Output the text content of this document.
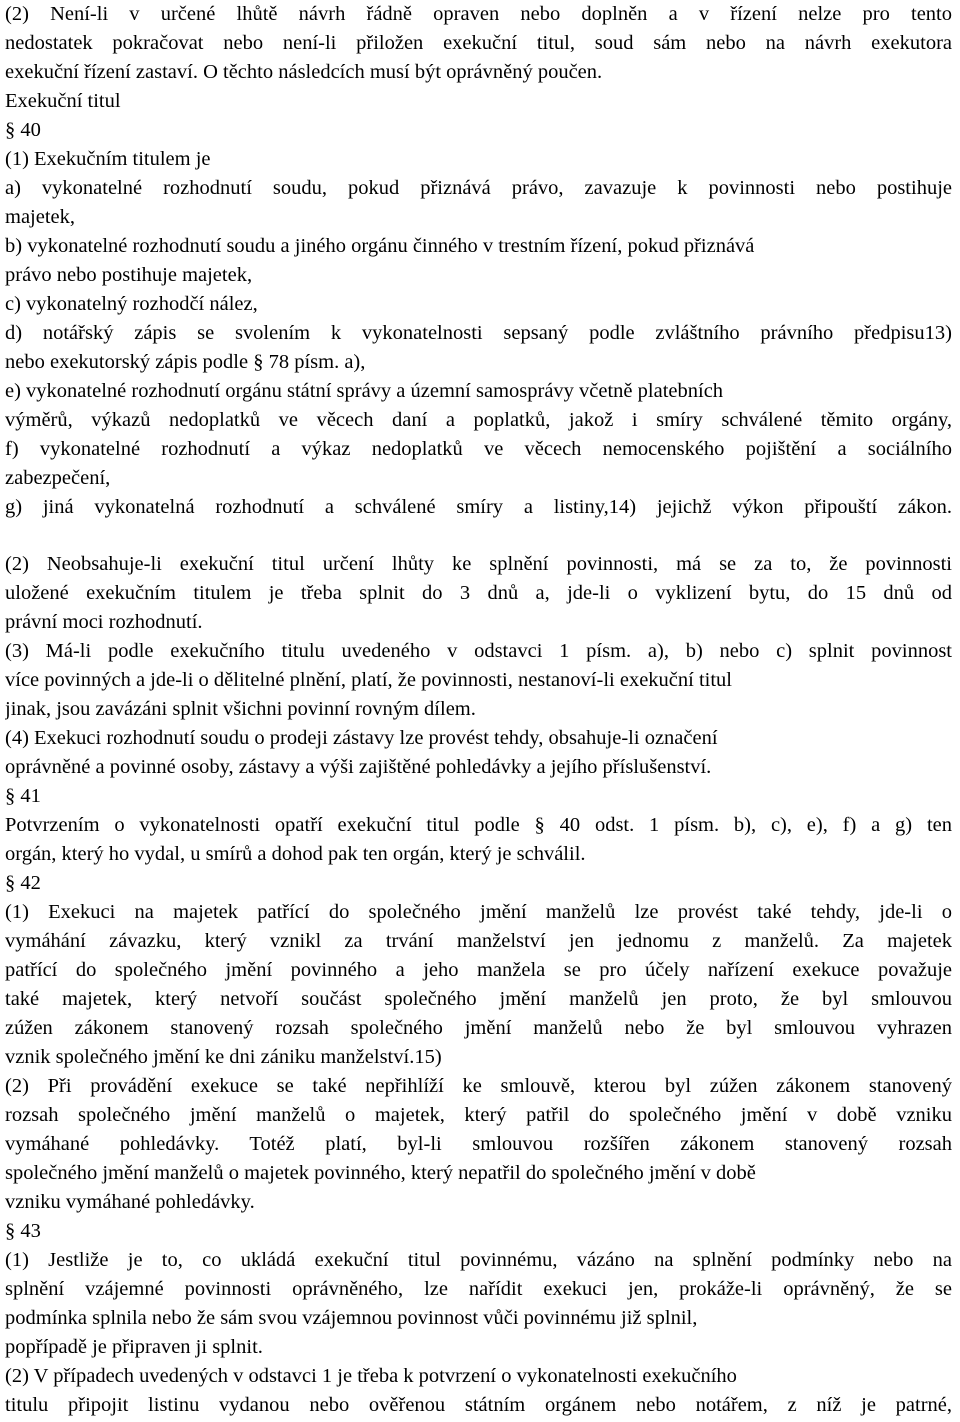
(2) Není-li v určené lhůtě návrh řádně opraven nebo doplněn a v řízení nelze pro tento
nedostatek pokračovat nebo není-li přiložen exekuční titul, soud sám nebo na návrh exekutora
exekuční řízení zastaví. O těchto následcích musí být oprávněný poučen.
Exekuční titul
§ 40
(1) Exekučním titulem je
a) vykonatelné rozhodnutí soudu, pokud přiznává právo, zavazuje k povinnosti nebo postihuje
majetek,
b) vykonatelné rozhodnutí soudu a jiného orgánu činného v trestním řízení, pokud přiznává
právo nebo postihuje majetek,
c) vykonatelný rozhodčí nález,
d) notářský zápis se svolením k vykonatelnosti sepsaný podle zvláštního právního předpisu13)
nebo exekutorský zápis podle § 78 písm. a),
e) vykonatelné rozhodnutí orgánu státní správy a územní samosprávy včetně platebních
výměrů, výkazů nedoplatků ve věcech daní a poplatků, jakož i smíry schválené těmito orgány,
f) vykonatelné rozhodnutí a výkaz nedoplatků ve věcech nemocenského pojištění a sociálního
zabezpečení,
g) jiná vykonatelná rozhodnutí a schválené smíry a listiny,14) jejichž výkon připouští zákon.
(2) Neobsahuje-li exekuční titul určení lhůty ke splnění povinnosti, má se za to, že povinnosti
uložené exekučním titulem je třeba splnit do 3 dnů a, jde-li o vyklizení bytu, do 15 dnů od
právní moci rozhodnutí.
(3) Má-li podle exekučního titulu uvedeného v odstavci 1 písm. a), b) nebo c) splnit povinnost
více povinných a jde-li o dělitelné plnění, platí, že povinnosti, nestanoví-li exekuční titul
jinak, jsou zavázáni splnit všichni povinní rovným dílem.
(4) Exekuci rozhodnutí soudu o prodeji zástavy lze provést tehdy, obsahuje-li označení
oprávněné a povinné osoby, zástavy a výši zajištěné pohledávky a jejího příslušenství.
§ 41
Potvrzením o vykonatelnosti opatří exekuční titul podle § 40 odst. 1 písm. b), c), e), f) a g) ten
orgán, který ho vydal, u smírů a dohod pak ten orgán, který je schválil.
§ 42
(1) Exekuci na majetek patřící do společného jmění manželů lze provést také tehdy, jde-li o
vymáhání závazku, který vznikl za trvání manželství jen jednomu z manželů. Za majetek
patřící do společného jmění povinného a jeho manžela se pro účely nařízení exekuce považuje
také majetek, který netvoří součást společného jmění manželů jen proto, že byl smlouvou
zúžen zákonem stanovený rozsah společného jmění manželů nebo že byl smlouvou vyhrazen
vznik společného jmění ke dni zániku manželství.15)
(2) Při provádění exekuce se také nepřihlíží ke smlouvě, kterou byl zúžen zákonem stanovený
rozsah společného jmění manželů o majetek, který patřil do společného jmění v době vzniku
vymáhané pohledávky. Totéž platí, byl-li smlouvou rozšířen zákonem stanovený rozsah
společného jmění manželů o majetek povinného, který nepatřil do společného jmění v době
vzniku vymáhané pohledávky.
§ 43
(1) Jestliže je to, co ukládá exekuční titul povinnému, vázáno na splnění podmínky nebo na
splnění vzájemné povinnosti oprávněného, lze nařídit exekuci jen, prokáže-li oprávněný, že se
podmínka splnila nebo že sám svou vzájemnou povinnost vůči povinnému již splnil,
popřípadě je připraven ji splnit.
(2) V případech uvedených v odstavci 1 je třeba k potvrzení o vykonatelnosti exekučního
titulu připojit listinu vydanou nebo ověřenou státním orgánem nebo notářem, z níž je patrné,
